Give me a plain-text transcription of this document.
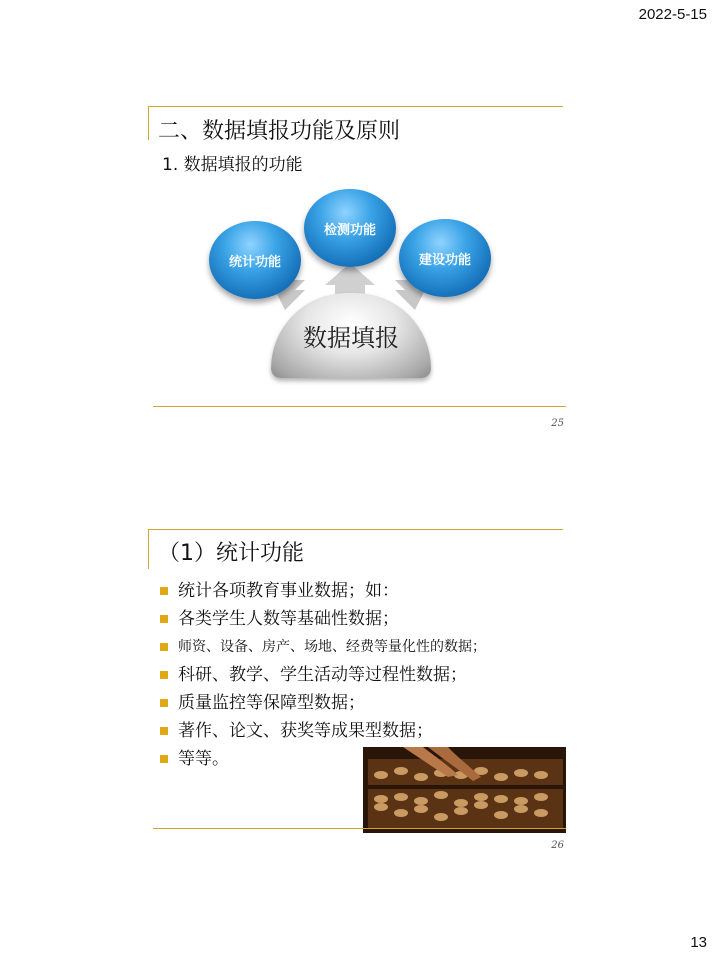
2022-5-15
二、数据填报功能及原则
1. 数据填报的功能
统计功能
检测功能
建设功能
数据填报
25
（1）统计功能
统计各项教育事业数据；如：
各类学生人数等基础性数据；
师资、设备、房产、场地、经费等量化性的数据；
科研、教学、学生活动等过程性数据；
质量监控等保障型数据；
著作、论文、获奖等成果型数据；
等等。
26
13
